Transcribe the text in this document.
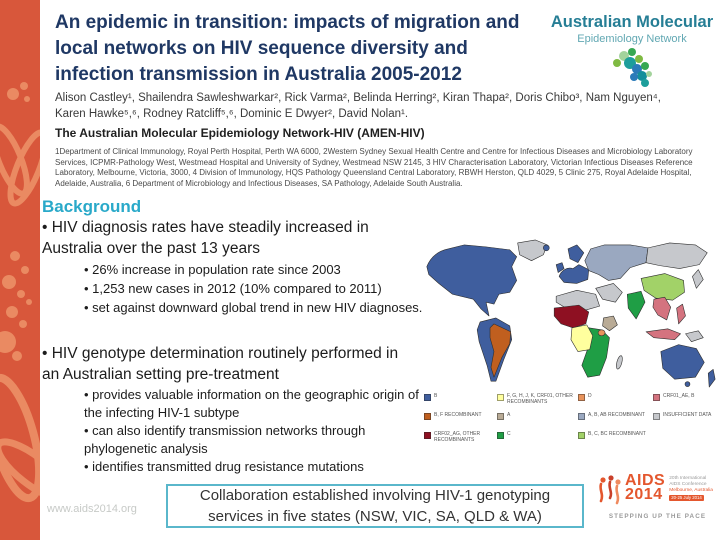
An epidemic in transition: impacts of migration and local networks on HIV sequence diversity and infection transmission in Australia 2005-2012
Australian Molecular
Epidemiology Network
Alison Castley¹, Shailendra Sawleshwarkar², Rick Varma², Belinda Herring², Kiran Thapa², Doris Chibo³, Nam Nguyen⁴, Karen Hawke⁵,⁶, Rodney Ratcliff⁵,⁶, Dominic E Dwyer², David Nolan¹.
The Australian Molecular Epidemiology Network-HIV (AMEN-HIV)
1Department of Clinical Immunology, Royal Perth Hospital, Perth WA 6000, 2Western Sydney Sexual Health Centre and Centre for Infectious Diseases and Microbiology Laboratory Services, ICPMR-Pathology West, Westmead Hospital and University of Sydney, Westmead NSW 2145, 3 HIV Characterisation Laboratory, Victorian Infectious Diseases Reference Laboratory, Melbourne, Victoria, 3000, 4 Division of Immunology, HQS Pathology Queensland Central Laboratory, RBWH Herston, QLD 4029, 5 Clinic 275, Royal Adelaide Hospital, Adelaide, Australia, 6 Department of Microbiology and Infectious Diseases, SA Pathology, Adelaide South Australia.
Background
• HIV diagnosis rates have steadily increased in Australia over the past 13 years
• 26% increase in population rate since 2003
• 1,253 new cases in 2012 (10% compared to 2011)
• set against downward global trend in new HIV diagnoses.
• HIV genotype determination routinely performed in an Australian setting pre-treatment
• provides valuable information on the geographic origin of the infecting HIV-1 subtype
• can also identify transmission networks through phylogenetic analysis
• identifies transmitted drug resistance mutations
B
B, F RECOMBINANT
CRF02_AG, OTHER RECOMBINANTS
F, G, H, J, K, CRF01, OTHER RECOMBINANTS
A
C
D
A, B, AB RECOMBINANT
B, C, BC RECOMBINANT
CRF01_AE, B
INSUFFICIENT DATA
Collaboration established involving HIV-1 genotyping services in five states (NSW, VIC, SA, QLD & WA)
www.aids2014.org
AIDS
2014
20th International
AIDS Conference
Melbourne, Australia
20-25 July 2014
STEPPING UP THE PACE
